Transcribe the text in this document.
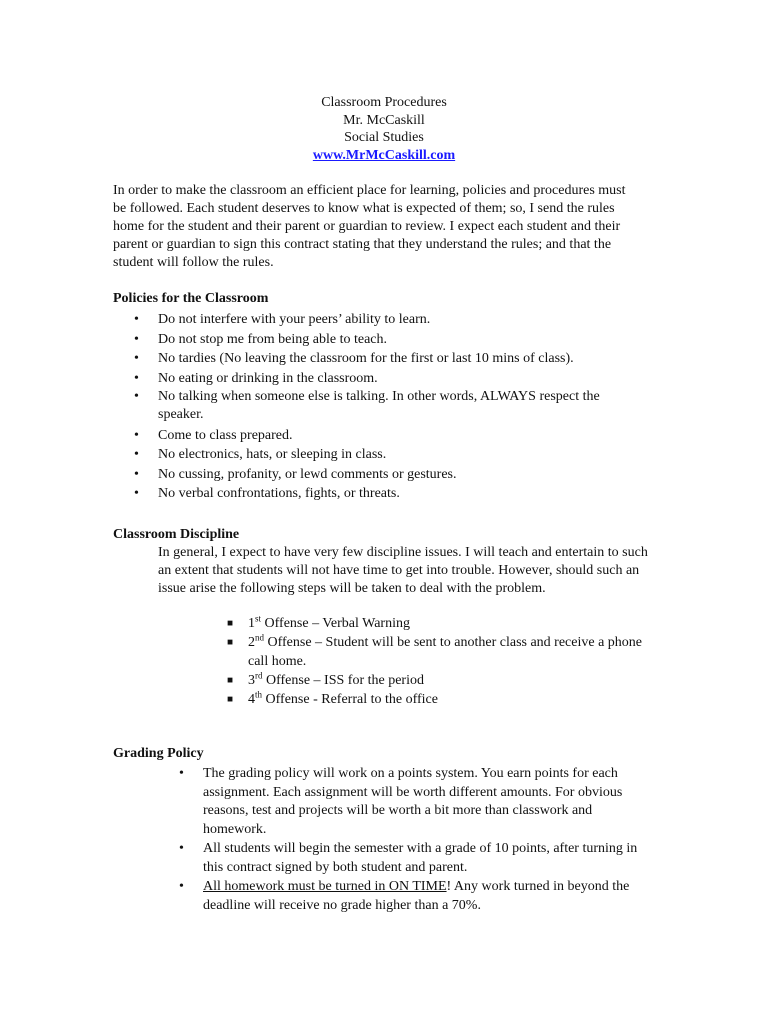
Classroom Procedures
Mr. McCaskill
Social Studies
www.MrMcCaskill.com
In order to make the classroom an efficient place for learning, policies and procedures must be followed. Each student deserves to know what is expected of them; so, I send the rules home for the student and their parent or guardian to review. I expect each student and their parent or guardian to sign this contract stating that they understand the rules; and that the student will follow the rules.
Policies for the Classroom
• Do not interfere with your peers’ ability to learn.
• Do not stop me from being able to teach.
• No tardies (No leaving the classroom for the first or last 10 mins of class).
• No eating or drinking in the classroom.
• No talking when someone else is talking. In other words, ALWAYS respect the speaker.
• Come to class prepared.
• No electronics, hats, or sleeping in class.
• No cussing, profanity, or lewd comments or gestures.
• No verbal confrontations, fights, or threats.
Classroom Discipline
In general, I expect to have very few discipline issues. I will teach and entertain to such an extent that students will not have time to get into trouble. However, should such an issue arise the following steps will be taken to deal with the problem.
■ 1st Offense – Verbal Warning
■ 2nd Offense – Student will be sent to another class and receive a phone call home.
■ 3rd Offense – ISS for the period
■ 4th Offense - Referral to the office
Grading Policy
• The grading policy will work on a points system. You earn points for each assignment. Each assignment will be worth different amounts. For obvious reasons, test and projects will be worth a bit more than classwork and homework.
• All students will begin the semester with a grade of 10 points, after turning in this contract signed by both student and parent.
• All homework must be turned in ON TIME! Any work turned in beyond the deadline will receive no grade higher than a 70%.
